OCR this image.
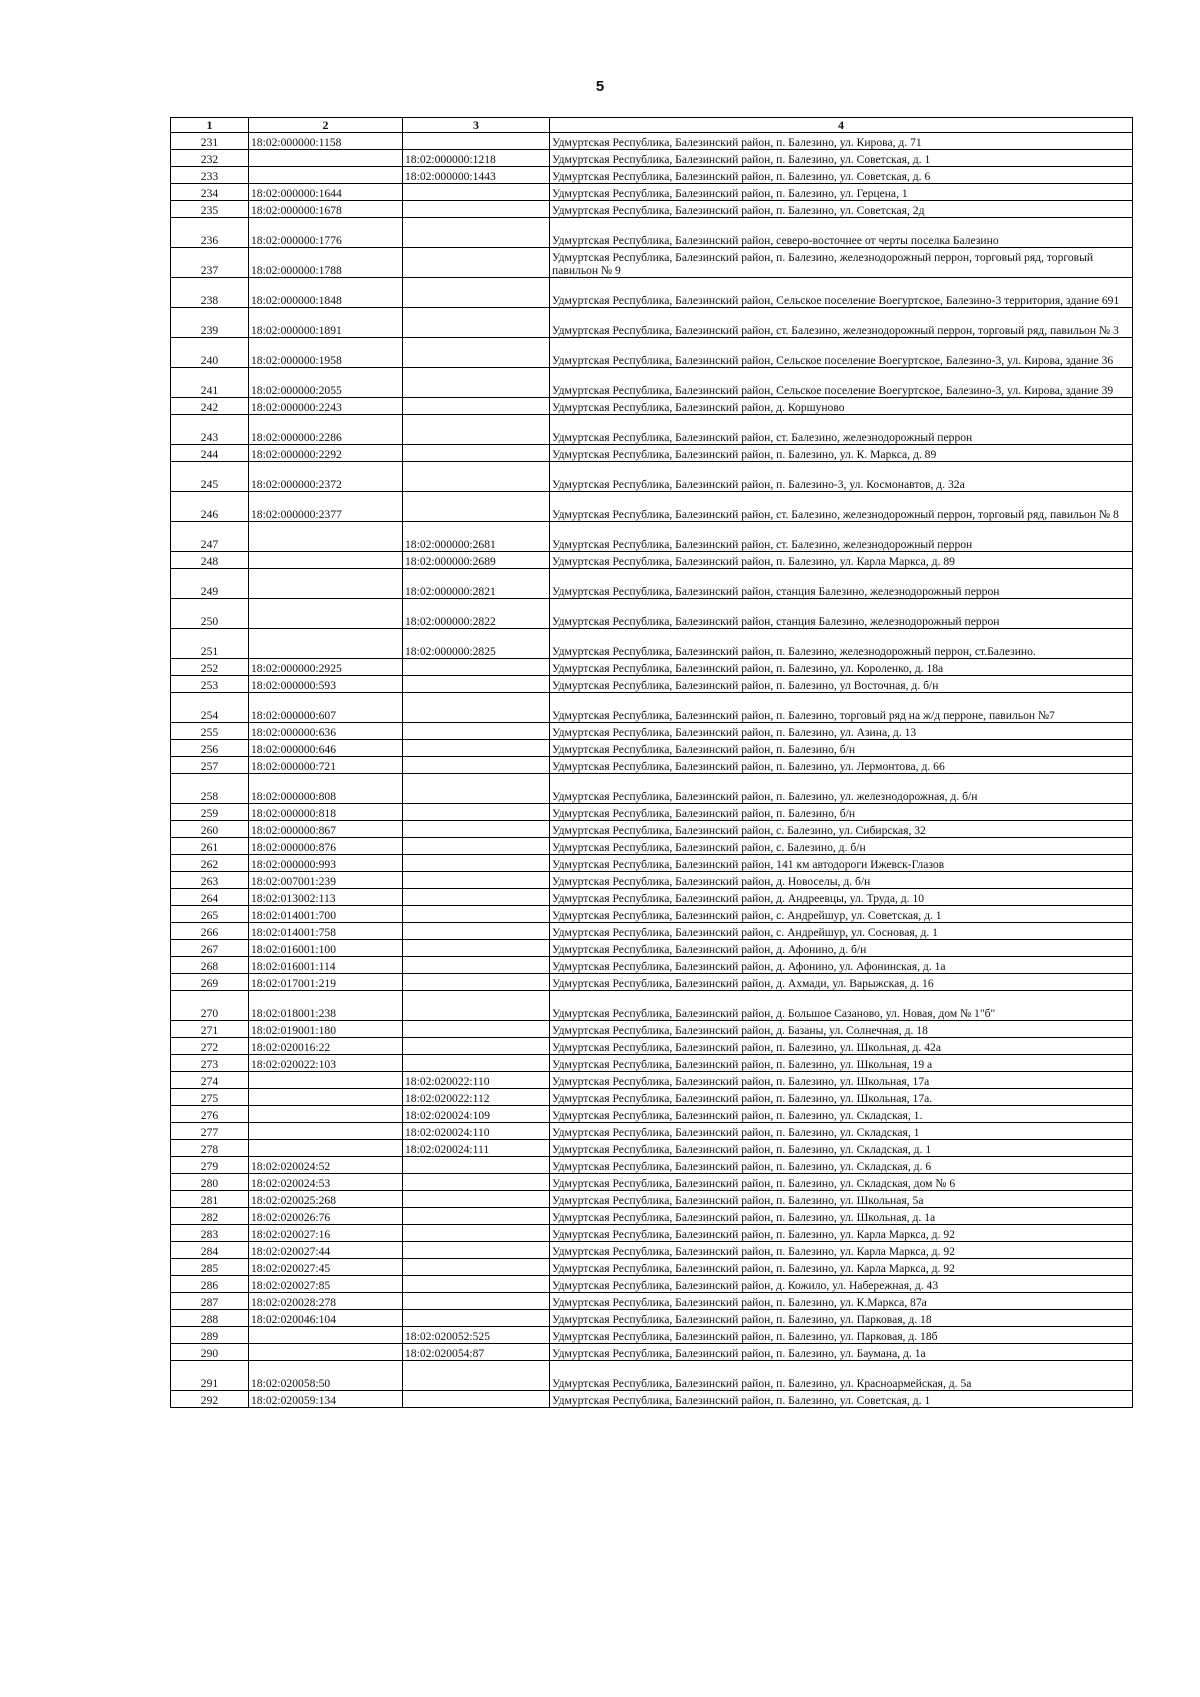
5
1	2	3	4
231	18:02:000000:1158		Удмуртская Республика, Балезинский район, п. Балезино, ул. Кирова, д. 71
232		18:02:000000:1218	Удмуртская Республика, Балезинский район, п. Балезино, ул. Советская, д. 1
233		18:02:000000:1443	Удмуртская Республика, Балезинский район, п. Балезино, ул. Советская, д. 6
234	18:02:000000:1644		Удмуртская Республика, Балезинский район, п. Балезино, ул. Герцена, 1
235	18:02:000000:1678		Удмуртская Республика, Балезинский район, п. Балезино, ул. Советская, 2д
236	18:02:000000:1776		Удмуртская Республика, Балезинский район, северо-восточнее от черты поселка Балезино
237	18:02:000000:1788		Удмуртская Республика, Балезинский район, п. Балезино, железнодорожный перрон, торговый ряд, торговый павильон № 9
238	18:02:000000:1848		Удмуртская Республика, Балезинский район, Сельское поселение Воегуртское, Балезино-3 территория, здание 691
239	18:02:000000:1891		Удмуртская Республика, Балезинский район, ст. Балезино, железнодорожный перрон, торговый ряд, павильон № 3
240	18:02:000000:1958		Удмуртская Республика, Балезинский район, Сельское поселение Воегуртское, Балезино-3, ул. Кирова, здание 36
241	18:02:000000:2055		Удмуртская Республика, Балезинский район, Сельское поселение Воегуртское, Балезино-3, ул. Кирова, здание 39
242	18:02:000000:2243		Удмуртская Республика, Балезинский район, д. Коршуново
243	18:02:000000:2286		Удмуртская Республика, Балезинский район, ст. Балезино, железнодорожный перрон
244	18:02:000000:2292		Удмуртская Республика, Балезинский район, п. Балезино, ул. К. Маркса, д. 89
245	18:02:000000:2372		Удмуртская Республика, Балезинский район, п. Балезино-3, ул. Космонавтов, д. 32а
246	18:02:000000:2377		Удмуртская Республика, Балезинский район, ст. Балезино, железнодорожный перрон, торговый ряд, павильон № 8
247		18:02:000000:2681	Удмуртская Республика, Балезинский район, ст. Балезино, железнодорожный перрон
248		18:02:000000:2689	Удмуртская Республика, Балезинский район, п. Балезино, ул. Карла Маркса, д. 89
249		18:02:000000:2821	Удмуртская Республика, Балезинский район, станция Балезино, железнодорожный перрон
250		18:02:000000:2822	Удмуртская Республика, Балезинский район, станция Балезино, железнодорожный перрон
251		18:02:000000:2825	Удмуртская Республика, Балезинский район, п. Балезино, железнодорожный перрон, ст.Балезино.
252	18:02:000000:2925		Удмуртская Республика, Балезинский район, п. Балезино, ул. Короленко, д. 18а
253	18:02:000000:593		Удмуртская Республика, Балезинский район, п. Балезино, ул Восточная, д. б/н
254	18:02:000000:607		Удмуртская Республика, Балезинский район, п. Балезино, торговый ряд на ж/д перроне, павильон №7
255	18:02:000000:636		Удмуртская Республика, Балезинский район, п. Балезино, ул. Азина, д. 13
256	18:02:000000:646		Удмуртская Республика, Балезинский район, п. Балезино, б/н
257	18:02:000000:721		Удмуртская Республика, Балезинский район, п. Балезино, ул. Лермонтова, д. 66
258	18:02:000000:808		Удмуртская Республика, Балезинский район, п. Балезино, ул. железнодорожная, д. б/н
259	18:02:000000:818		Удмуртская Республика, Балезинский район, п. Балезино, б/н
260	18:02:000000:867		Удмуртская Республика, Балезинский район, с. Балезино, ул. Сибирская, 32
261	18:02:000000:876		Удмуртская Республика, Балезинский район, с. Балезино, д. б/н
262	18:02:000000:993		Удмуртская Республика, Балезинский район, 141 км автодороги Ижевск-Глазов
263	18:02:007001:239		Удмуртская Республика, Балезинский район, д. Новоселы, д. б/н
264	18:02:013002:113		Удмуртская Республика, Балезинский район, д. Андреевцы, ул. Труда, д. 10
265	18:02:014001:700		Удмуртская Республика, Балезинский район, с. Андрейшур, ул. Советская, д. 1
266	18:02:014001:758		Удмуртская Республика, Балезинский район, с. Андрейшур, ул. Сосновая, д. 1
267	18:02:016001:100		Удмуртская Республика, Балезинский район, д. Афонино, д. б/н
268	18:02:016001:114		Удмуртская Республика, Балезинский район, д. Афонино, ул. Афонинская, д. 1а
269	18:02:017001:219		Удмуртская Республика, Балезинский район, д. Ахмади, ул. Варыжская, д. 16
270	18:02:018001:238		Удмуртская Республика, Балезинский район, д. Большое Сазаново, ул. Новая, дом № 1"б"
271	18:02:019001:180		Удмуртская Республика, Балезинский район, д. Базаны, ул. Солнечная, д. 18
272	18:02:020016:22		Удмуртская Республика, Балезинский район, п. Балезино, ул. Школьная, д. 42а
273	18:02:020022:103		Удмуртская Республика, Балезинский район, п. Балезино, ул. Школьная, 19 а
274		18:02:020022:110	Удмуртская Республика, Балезинский район, п. Балезино, ул. Школьная, 17а
275		18:02:020022:112	Удмуртская Республика, Балезинский район, п. Балезино, ул. Школьная, 17а.
276		18:02:020024:109	Удмуртская Республика, Балезинский район, п. Балезино, ул. Складская, 1.
277		18:02:020024:110	Удмуртская Республика, Балезинский район, п. Балезино, ул. Складская, 1
278		18:02:020024:111	Удмуртская Республика, Балезинский район, п. Балезино, ул. Складская, д. 1
279	18:02:020024:52		Удмуртская Республика, Балезинский район, п. Балезино, ул. Складская, д. 6
280	18:02:020024:53		Удмуртская Республика, Балезинский район, п. Балезино, ул. Складская, дом № 6
281	18:02:020025:268		Удмуртская Республика, Балезинский район, п. Балезино, ул. Школьная, 5а
282	18:02:020026:76		Удмуртская Республика, Балезинский район, п. Балезино, ул. Школьная, д. 1а
283	18:02:020027:16		Удмуртская Республика, Балезинский район, п. Балезино, ул. Карла Маркса, д. 92
284	18:02:020027:44		Удмуртская Республика, Балезинский район, п. Балезино, ул. Карла Маркса, д. 92
285	18:02:020027:45		Удмуртская Республика, Балезинский район, п. Балезино, ул. Карла Маркса, д. 92
286	18:02:020027:85		Удмуртская Республика, Балезинский район, д. Кожило, ул. Набережная, д. 43
287	18:02:020028:278		Удмуртская Республика, Балезинский район, п. Балезино, ул. К.Маркса, 87а
288	18:02:020046:104		Удмуртская Республика, Балезинский район, п. Балезино, ул. Парковая, д. 18
289		18:02:020052:525	Удмуртская Республика, Балезинский район, п. Балезино, ул. Парковая, д. 18б
290		18:02:020054:87	Удмуртская Республика, Балезинский район, п. Балезино, ул. Баумана, д. 1а
291	18:02:020058:50		Удмуртская Республика, Балезинский район, п. Балезино, ул. Красноармейская, д. 5а
292	18:02:020059:134		Удмуртская Республика, Балезинский район, п. Балезино, ул. Советская, д. 1
